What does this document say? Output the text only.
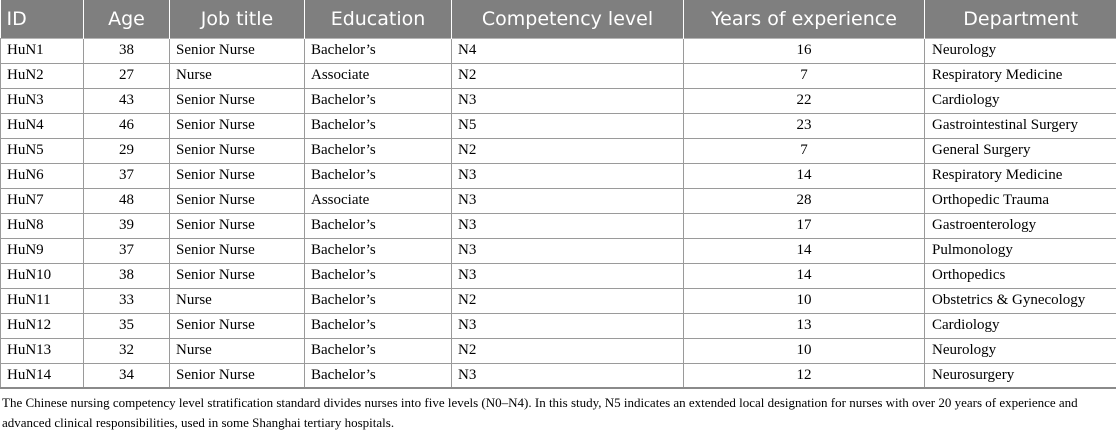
ID	Age	Job title	Education	Competency level	Years of experience	Department
HuN1	38	Senior Nurse	Bachelor’s	N4	16	Neurology
HuN2	27	Nurse	Associate	N2	7	Respiratory Medicine
HuN3	43	Senior Nurse	Bachelor’s	N3	22	Cardiology
HuN4	46	Senior Nurse	Bachelor’s	N5	23	Gastrointestinal Surgery
HuN5	29	Senior Nurse	Bachelor’s	N2	7	General Surgery
HuN6	37	Senior Nurse	Bachelor’s	N3	14	Respiratory Medicine
HuN7	48	Senior Nurse	Associate	N3	28	Orthopedic Trauma
HuN8	39	Senior Nurse	Bachelor’s	N3	17	Gastroenterology
HuN9	37	Senior Nurse	Bachelor’s	N3	14	Pulmonology
HuN10	38	Senior Nurse	Bachelor’s	N3	14	Orthopedics
HuN11	33	Nurse	Bachelor’s	N2	10	Obstetrics & Gynecology
HuN12	35	Senior Nurse	Bachelor’s	N3	13	Cardiology
HuN13	32	Nurse	Bachelor’s	N2	10	Neurology
HuN14	34	Senior Nurse	Bachelor’s	N3	12	Neurosurgery
The Chinese nursing competency level stratification standard divides nurses into five levels (N0–N4). In this study, N5 indicates an extended local designation for nurses with over 20 years of experience and advanced clinical responsibilities, used in some Shanghai tertiary hospitals.
